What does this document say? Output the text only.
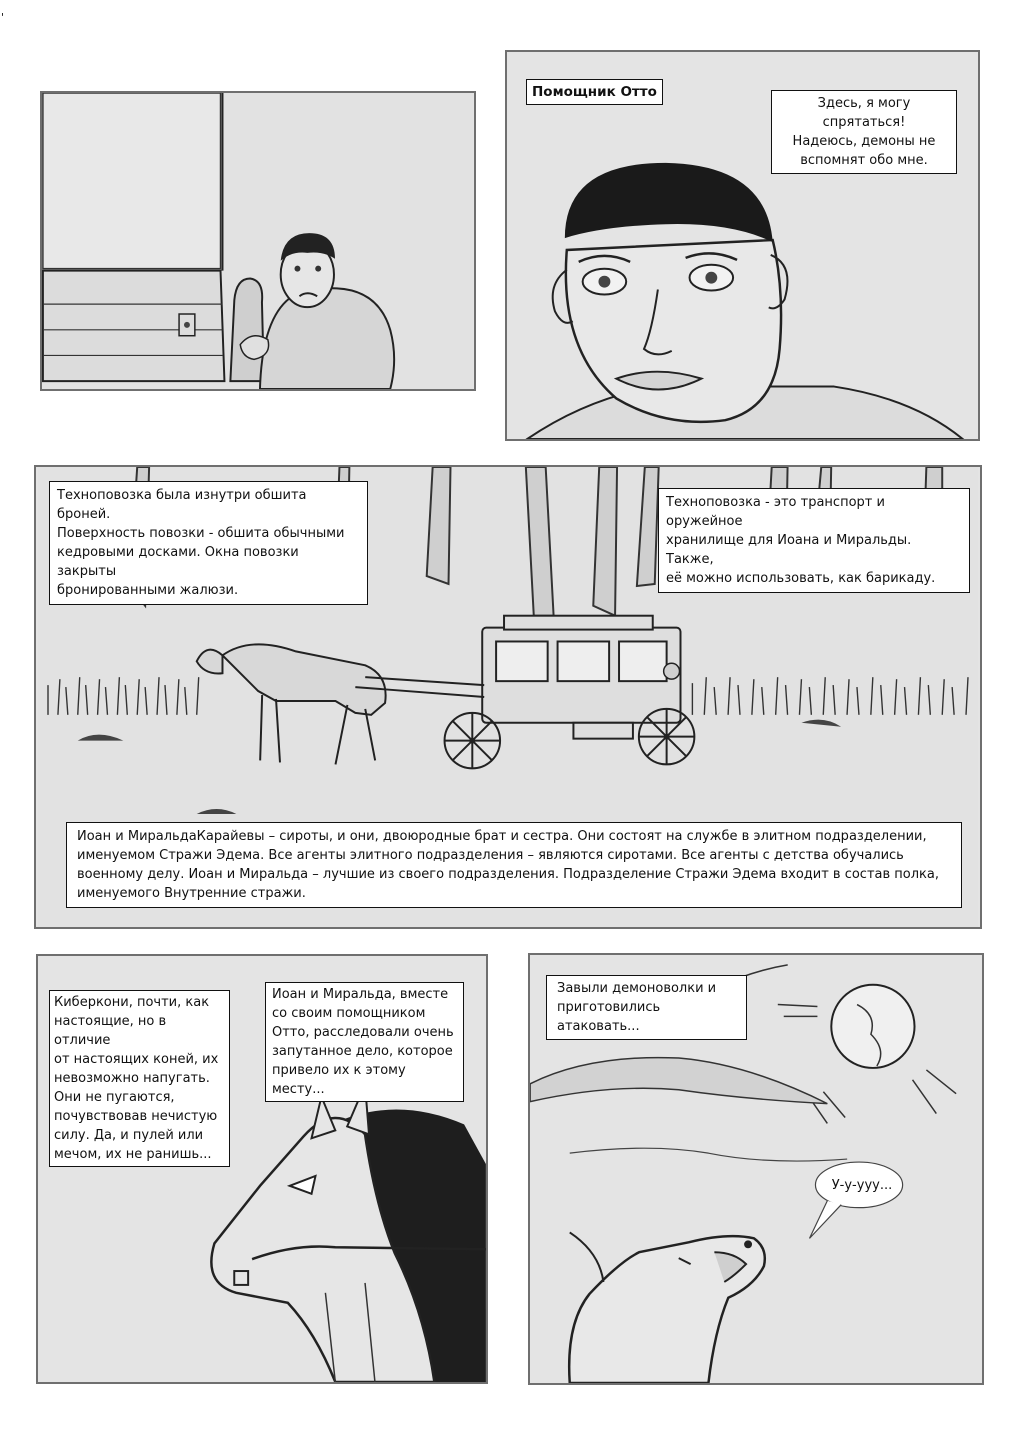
'
Помощник Отто
Здесь, я могу спрятаться!
Надеюсь, демоны не
вспомнят обо мне.
Техноповозка была изнутри обшита броней.
Поверхность повозки - обшита обычными
кедровыми досками. Окна повозки закрыты
бронированными жалюзи.
Техноповозка - это транспорт и оружейное
хранилище для Иоана и Миральды. Также,
её можно использовать, как барикаду.
Иоан и МиральдаКарайевы – сироты, и они, двоюродные брат и сестра. Они состоят на службе в элитном подразделении,
именуемом Стражи Эдема. Все агенты элитного подразделения – являются сиротами. Все агенты с детства обучались
военному делу. Иоан и Миральда – лучшие из своего подразделения. Подразделение Стражи Эдема входит в состав полка,
именуемого Внутренние стражи.
Киберкони, почти, как
настоящие, но в отличие
от настоящих коней, их
невозможно напугать.
Они не пугаются,
почувствовав нечистую
силу. Да, и пулей или
мечом, их не ранишь...
Иоан и Миральда, вместе
со своим помощником
Отто, расследовали очень
запутанное дело, которое
привело их к этому
месту...
Завыли демоноволки и
приготовились атаковать...
У-у-ууу...
